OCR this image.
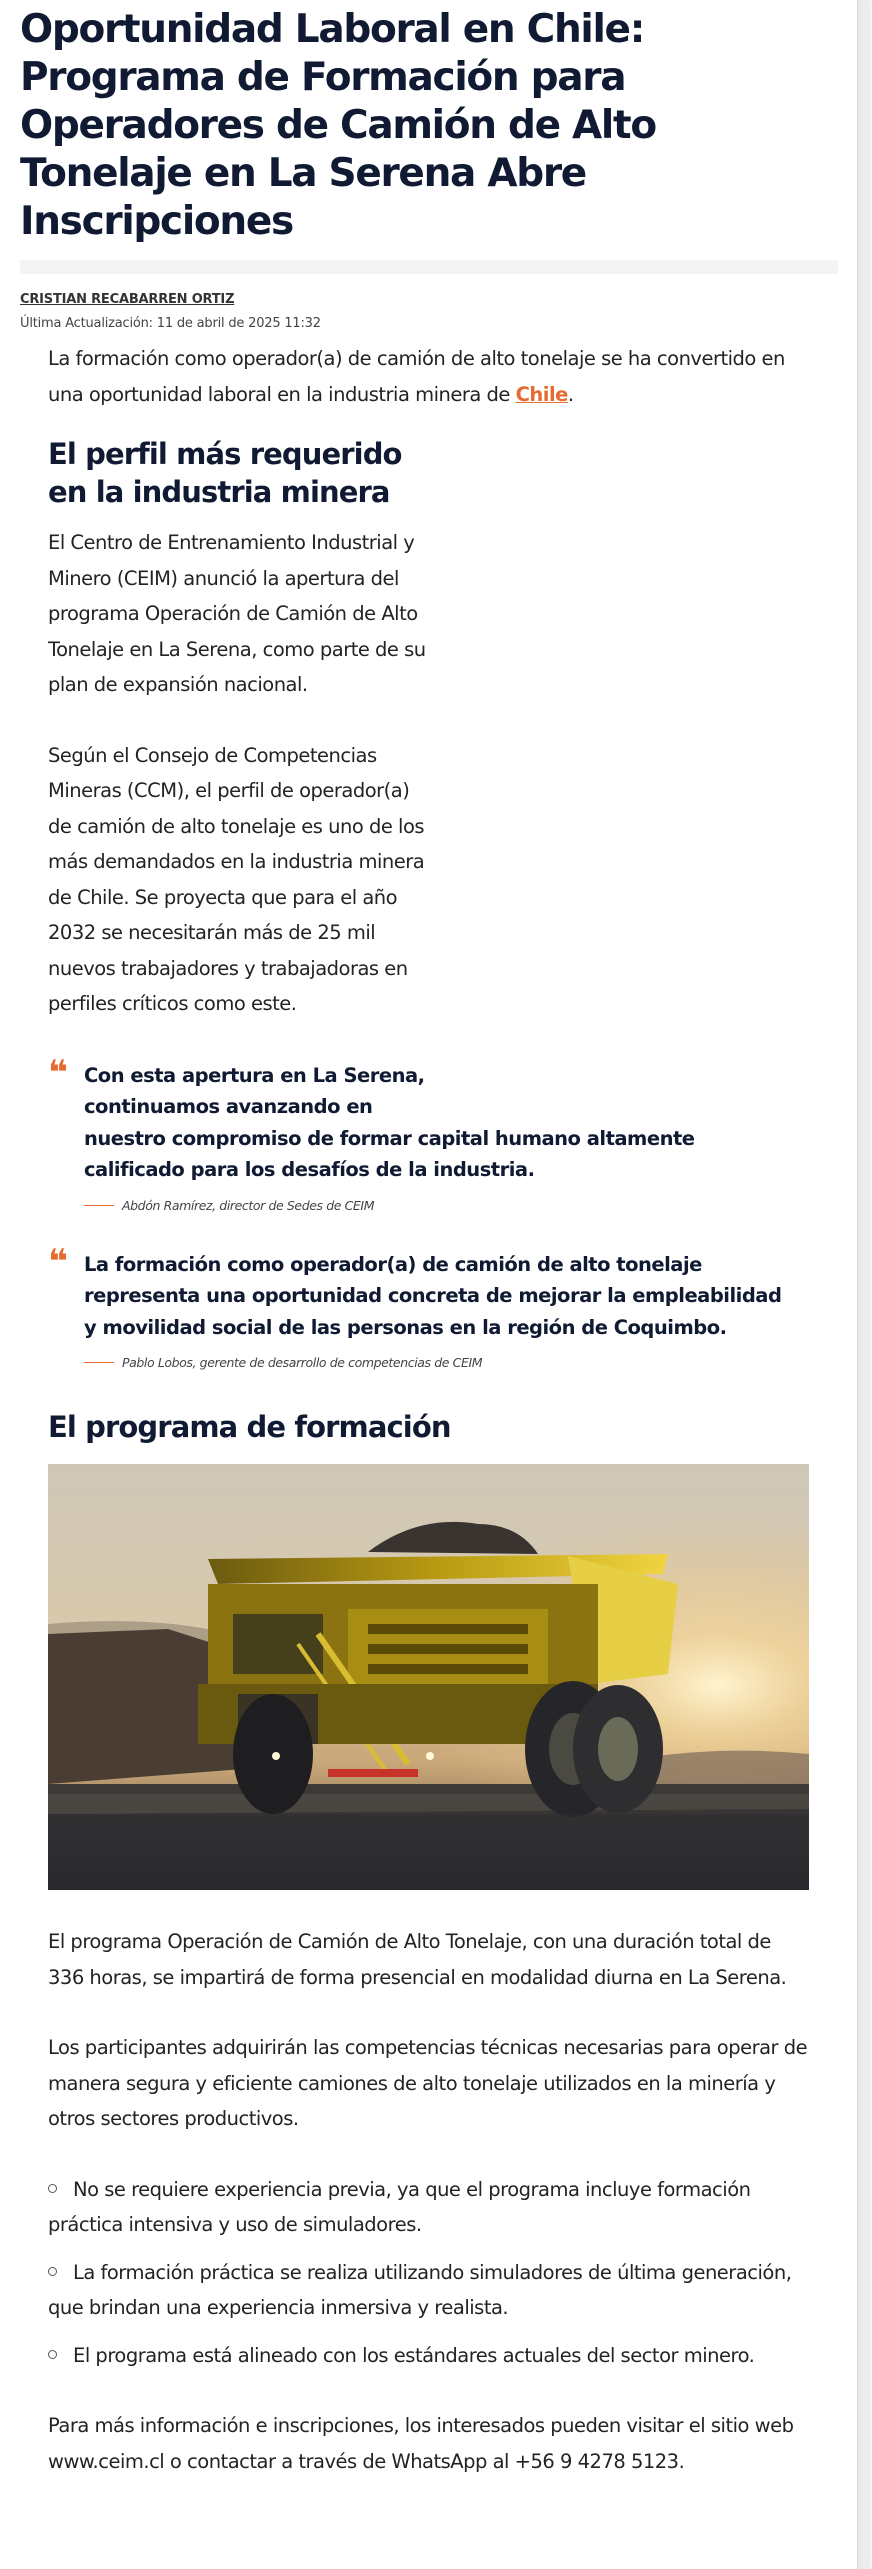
Oportunidad Laboral en Chile: Programa de Formación para Operadores de Camión de Alto Tonelaje en La Serena Abre Inscripciones
CRISTIAN RECABARREN ORTIZ
Última Actualización: 11 de abril de 2025 11:32

La formación como operador(a) de camión de alto tonelaje se ha convertido en una oportunidad laboral en la industria minera de Chile.

El perfil más requerido en la industria minera

El Centro de Entrenamiento Industrial y Minero (CEIM) anunció la apertura del programa Operación de Camión de Alto Tonelaje en La Serena, como parte de su plan de expansión nacional.

Según el Consejo de Competencias Mineras (CCM), el perfil de operador(a) de camión de alto tonelaje es uno de los más demandados en la industria minera de Chile. Se proyecta que para el año 2032 se necesitarán más de 25 mil nuevos trabajadores y trabajadoras en perfiles críticos como este.

❝ Con esta apertura en La Serena,
continuamos avanzando en
nuestro compromiso de formar capital humano altamente calificado para los desafíos de la industria.
Abdón Ramírez, director de Sedes de CEIM
❝ La formación como operador(a) de camión de alto tonelaje representa una oportunidad concreta de mejorar la empleabilidad y movilidad social de las personas en la región de Coquimbo.
Pablo Lobos, gerente de desarrollo de competencias de CEIM
El programa de formación

El programa Operación de Camión de Alto Tonelaje, con una duración total de 336 horas, se impartirá de forma presencial en modalidad diurna en La Serena.

Los participantes adquirirán las competencias técnicas necesarias para operar de manera segura y eficiente camiones de alto tonelaje utilizados en la minería y otros sectores productivos.

No se requiere experiencia previa, ya que el programa incluye formación práctica intensiva y uso de simuladores.
La formación práctica se realiza utilizando simuladores de última generación, que brindan una experiencia inmersiva y realista.
El programa está alineado con los estándares actuales del sector minero.

Para más información e inscripciones, los interesados pueden visitar el sitio web www.ceim.cl o contactar a través de WhatsApp al +56 9 4278 5123.
